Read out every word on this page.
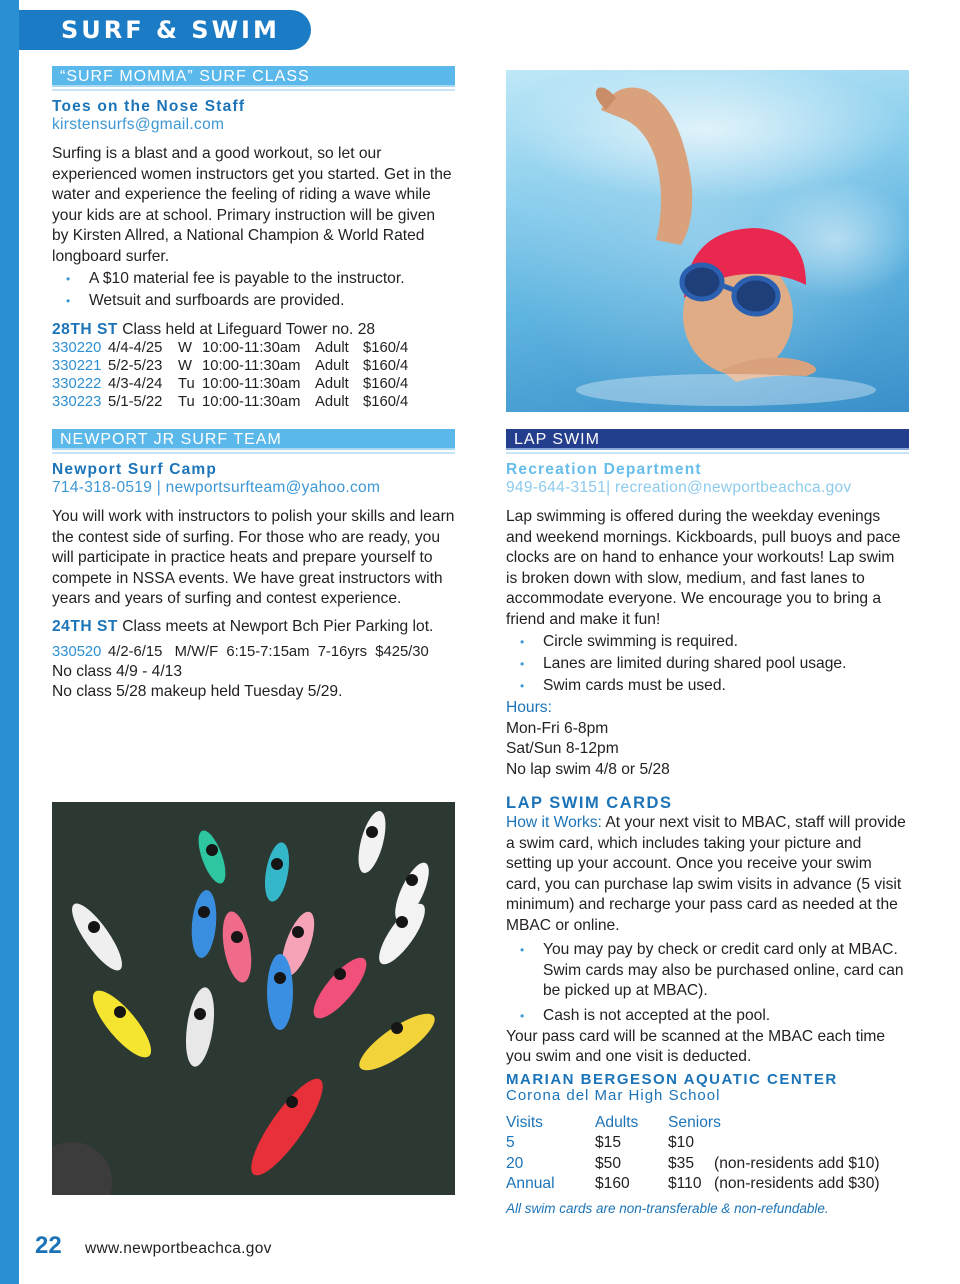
SURF & SWIM
“SURF MOMMA” SURF CLASS
Toes on the Nose Staff
kirstensurfs@gmail.com
Surfing is a blast and a good workout, so let our experienced women instructors get you started. Get in the water and experience the feeling of riding a wave while your kids are at school. Primary instruction will be given by Kirsten Allred, a National Champion & World Rated longboard surfer.
• A $10 material fee is payable to the instructor.
• Wetsuit and surfboards are provided.
28TH ST Class held at Lifeguard Tower no. 28
330220 4/4-4/25	W 10:00-11:30am Adult $160/4
330221 5/2-5/23	W 10:00-11:30am Adult $160/4
330222 4/3-4/24	Tu 10:00-11:30am Adult $160/4
330223 5/1-5/22	Tu 10:00-11:30am Adult $160/4
NEWPORT JR SURF TEAM
Newport Surf Camp
714-318-0519 | newportsurfteam@yahoo.com
You will work with instructors to polish your skills and learn the contest side of surfing. For those who are ready, you will participate in practice heats and prepare yourself to compete in NSSA events. We have great instructors with years and years of surfing and contest experience.
24TH ST Class meets at Newport Bch Pier Parking lot.
330520 4/2-6/15   M/W/F  6:15-7:15am  7-16yrs  $425/30
No class 4/9 - 4/13
No class 5/28 makeup held Tuesday 5/29.
LAP SWIM
Recreation Department
949-644-3151| recreation@newportbeachca.gov
Lap swimming is offered during the weekday evenings and weekend mornings. Kickboards, pull buoys and pace clocks are on hand to enhance your workouts! Lap swim is broken down with slow, medium, and fast lanes to accommodate everyone. We encourage you to bring a friend and make it fun!
• Circle swimming is required.
• Lanes are limited during shared pool usage.
• Swim cards must be used.
Hours:
Mon-Fri 6-8pm
Sat/Sun 8-12pm
No lap swim 4/8 or 5/28
LAP SWIM CARDS
How it Works: At your next visit to MBAC, staff will provide a swim card, which includes taking your picture and setting up your account. Once you receive your swim card, you can purchase lap swim visits in advance (5 visit minimum) and recharge your pass card as needed at the MBAC or online.
• You may pay by check or credit card only at MBAC. Swim cards may also be purchased online, card can be picked up at MBAC).
• Cash is not accepted at the pool.
Your pass card will be scanned at the MBAC each time you swim and one visit is deducted.
MARIAN BERGESON AQUATIC CENTER
Corona del Mar High School
Visits	Adults	Seniors
5	$15	$10
20	$50	$35	(non-residents add $10)
Annual	$160	$110 (non-residents add $30)
All swim cards are non-transferable & non-refundable.
22 www.newportbeachca.gov
